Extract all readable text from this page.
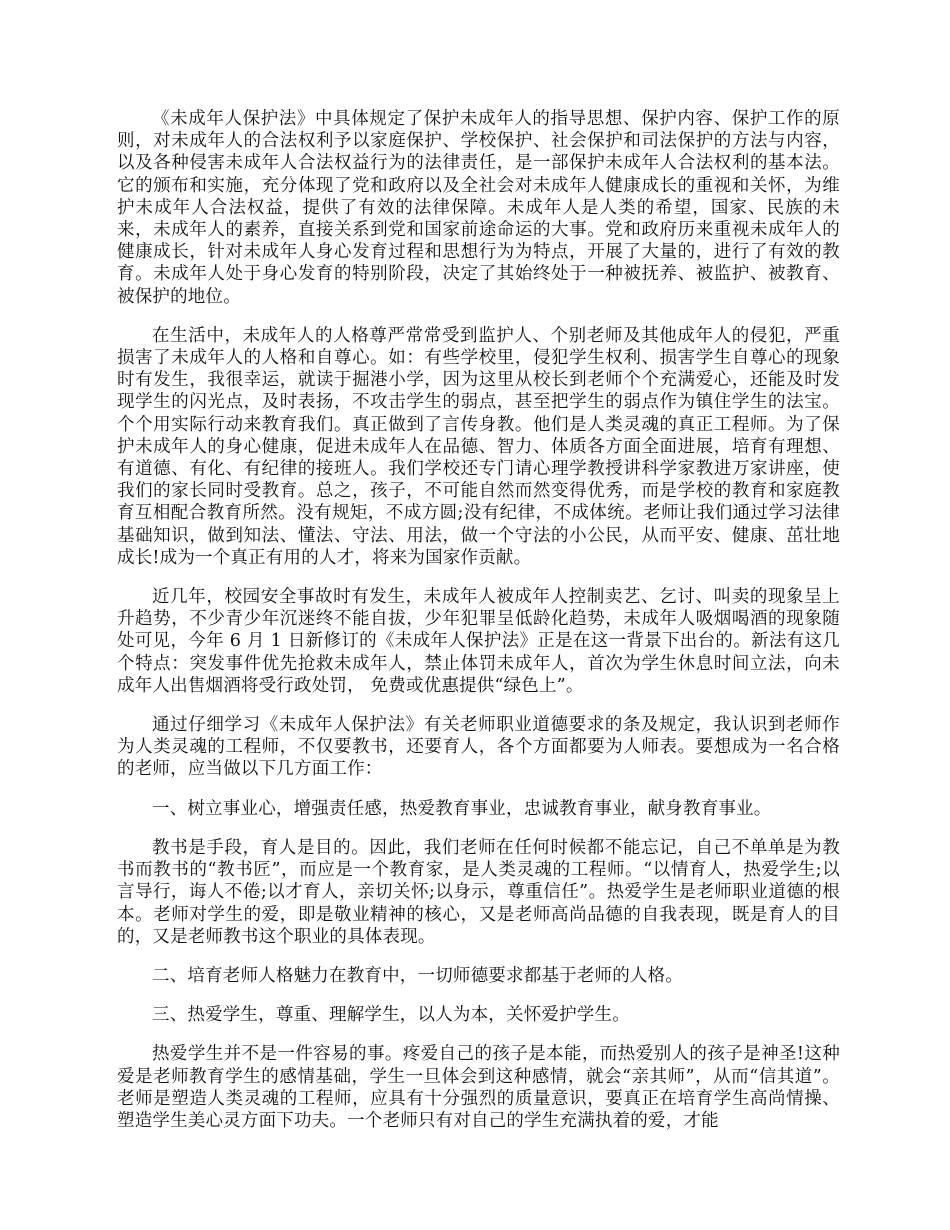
《未成年人保护法》中具体规定了保护未成年人的指导思想、保护内容、保护工作的原则，对未成年人的合法权利予以家庭保护、学校保护、社会保护和司法保护的方法与内容，以及各种侵害未成年人合法权益行为的法律责任，是一部保护未成年人合法权利的基本法。它的颁布和实施，充分体现了党和政府以及全社会对未成年人健康成长的重视和关怀，为维护未成年人合法权益，提供了有效的法律保障。未成年人是人类的希望，国家、民族的未来，未成年人的素养，直接关系到党和国家前途命运的大事。党和政府历来重视未成年人的健康成长，针对未成年人身心发育过程和思想行为为特点，开展了大量的，进行了有效的教育。未成年人处于身心发育的特别阶段，决定了其始终处于一种被抚养、被监护、被教育、被保护的地位。

在生活中，未成年人的人格尊严常常受到监护人、个别老师及其他成年人的侵犯，严重损害了未成年人的人格和自尊心。如：有些学校里，侵犯学生权利、损害学生自尊心的现象时有发生，我很幸运，就读于掘港小学，因为这里从校长到老师个个充满爱心，还能及时发现学生的闪光点，及时表扬，不攻击学生的弱点，甚至把学生的弱点作为镇住学生的法宝。个个用实际行动来教育我们。真正做到了言传身教。他们是人类灵魂的真正工程师。为了保护未成年人的身心健康，促进未成年人在品德、智力、体质各方面全面进展，培育有理想、有道德、有化、有纪律的接班人。我们学校还专门请心理学教授讲科学家教进万家讲座，使我们的家长同时受教育。总之，孩子，不可能自然而然变得优秀，而是学校的教育和家庭教育互相配合教育所然。没有规矩，不成方圆;没有纪律，不成体统。老师让我们通过学习法律基础知识，做到知法、懂法、守法、用法，做一个守法的小公民，从而平安、健康、茁壮地成长!成为一个真正有用的人才，将来为国家作贡献。

近几年，校园安全事故时有发生，未成年人被成年人控制卖艺、乞讨、叫卖的现象呈上升趋势，不少青少年沉迷终不能自拔，少年犯罪呈低龄化趋势，未成年人吸烟喝酒的现象随处可见，今年 6 月 1 日新修订的《未成年人保护法》正是在这一背景下出台的。新法有这几个特点：突发事件优先抢救未成年人，禁止体罚未成年人，首次为学生休息时间立法，向未成年人出售烟酒将受行政处罚， 免费或优惠提供“绿色上”。

通过仔细学习《未成年人保护法》有关老师职业道德要求的条及规定，我认识到老师作为人类灵魂的工程师，不仅要教书，还要育人，各个方面都要为人师表。要想成为一名合格的老师，应当做以下几方面工作：

一、树立事业心，增强责任感，热爱教育事业，忠诚教育事业，献身教育事业。

教书是手段，育人是目的。因此，我们老师在任何时候都不能忘记，自己不单单是为教书而教书的“教书匠”，而应是一个教育家，是人类灵魂的工程师。“以情育人，热爱学生;以言导行，诲人不倦;以才育人，亲切关怀;以身示，尊重信任”。热爱学生是老师职业道德的根本。老师对学生的爱，即是敬业精神的核心，又是老师高尚品德的自我表现，既是育人的目的，又是老师教书这个职业的具体表现。

二、培育老师人格魅力在教育中，一切师德要求都基于老师的人格。

三、热爱学生，尊重、理解学生，以人为本，关怀爱护学生。

热爱学生并不是一件容易的事。疼爱自己的孩子是本能，而热爱别人的孩子是神圣!这种爱是老师教育学生的感情基础，学生一旦体会到这种感情，就会“亲其师”，从而“信其道”。老师是塑造人类灵魂的工程师，应具有十分强烈的质量意识，要真正在培育学生高尚情操、塑造学生美心灵方面下功夫。一个老师只有对自己的学生充满执着的爱，才能
